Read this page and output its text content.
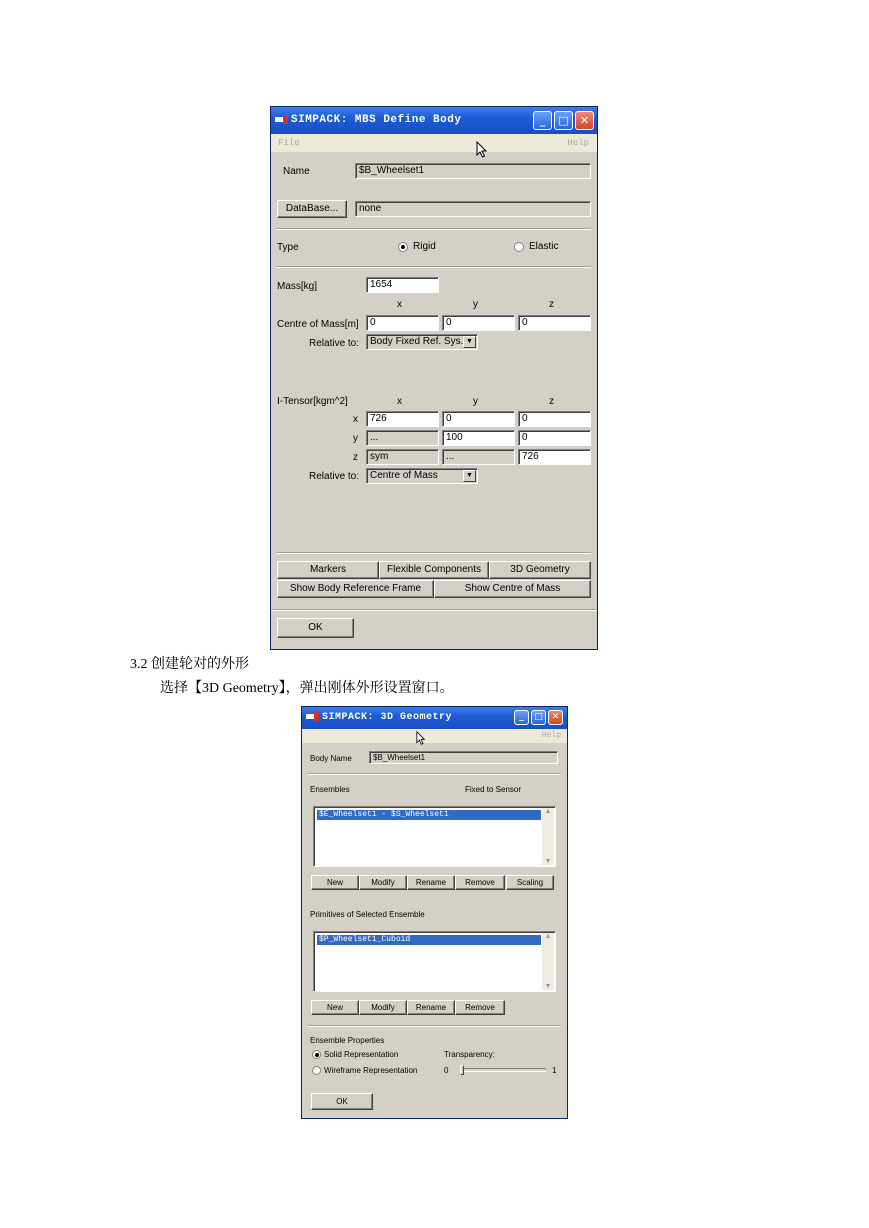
SIMPACK: MBS Define Body	_	□	✕
File	Help
Name	$B_Wheelset1
DataBase...	none
Type	Rigid	Elastic
Mass[kg]	1654
x	y	z
Centre of Mass[m]	0	0	0
Relative to:	Body Fixed Ref. Sys. ▼
x	y	z
I-Tensor[kgm^2]
x	726	0	0
y	...	100	0
z	sym	...	726
Relative to:	Centre of Mass	▼
Markers	Flexible Components	3D Geometry
Show Body Reference Frame	Show Centre of Mass
OK
3.2 创建轮对的外形
选择【3D Geometry】，弹出刚体外形设置窗口。
SIMPACK: 3D Geometry	_	□ ✕
Help
Body Name	$B_Wheelset1
Ensembles	Fixed to Sensor
$E_Wheelset1 - $S_Wheelset1	▲
▼
New	Modify	Rename	Remove	Scaling
Primitives of Selected Ensemble
$P_Wheelset1_Cuboid	▲
▼
New	Modify	Rename	Remove
Ensemble Properties
Solid Representation	Transparency:
Wireframe Representation	0	1
OK
